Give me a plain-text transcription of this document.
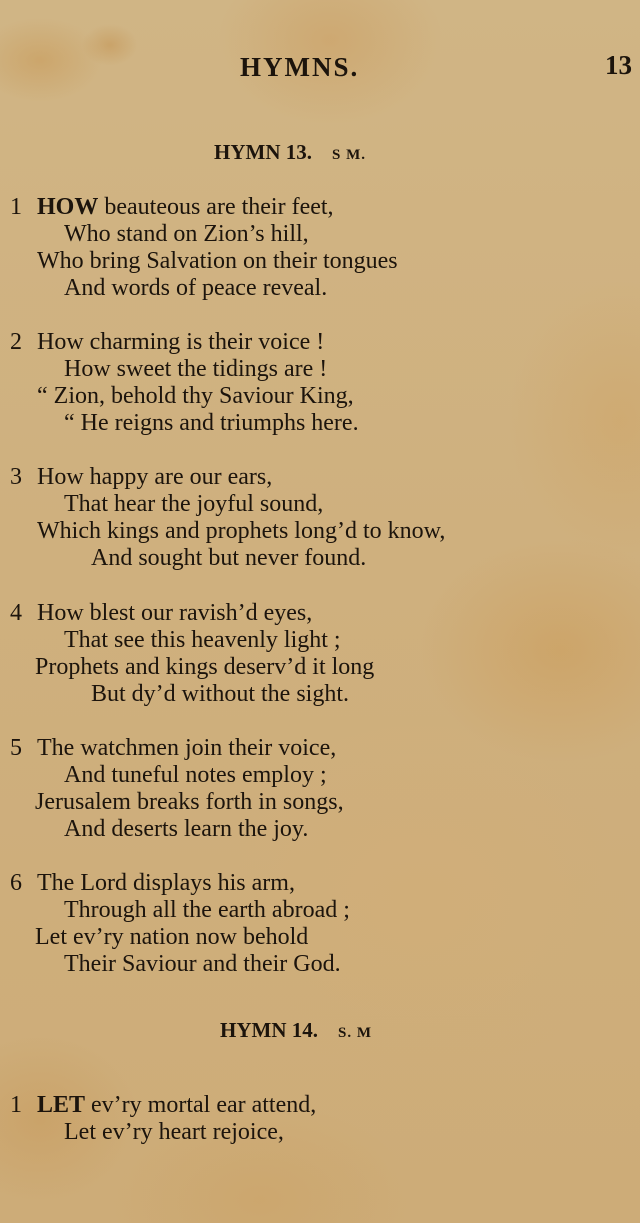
HYMNS.	13
HYMN 13. S M.
1 HOW beauteous are their feet,
Who stand on Zion’s hill,
Who bring Salvation on their tongues
And words of peace reveal.
2 How charming is their voice !
How sweet the tidings are !
“ Zion, behold thy Saviour King,
“ He reigns and triumphs here.
3 How happy are our ears,
That hear the joyful sound,
Which kings and prophets long’d to know,
And sought but never found.
4 How blest our ravish’d eyes,
That see this heavenly light ;
Prophets and kings deserv’d it long
But dy’d without the sight.
5 The watchmen join their voice,
And tuneful notes employ ;
Jerusalem breaks forth in songs,
And deserts learn the joy.
6 The Lord displays his arm,
Through all the earth abroad ;
Let ev’ry nation now behold
Their Saviour and their God.
HYMN 14. S. M
1 LET ev’ry mortal ear attend,
Let ev’ry heart rejoice,
